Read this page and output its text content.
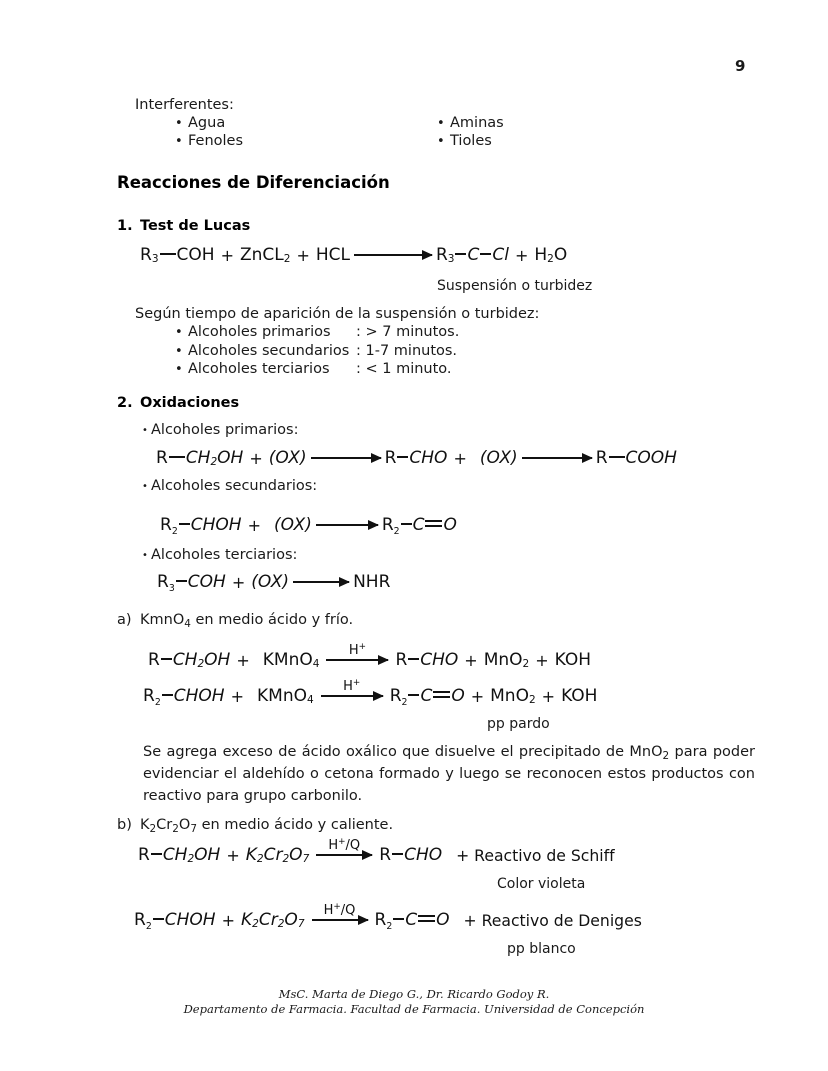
9
Interferentes:
•
Agua
•
Fenoles
•
Aminas
•
Tioles
Reacciones de Diferenciación
1. Test de Lucas
R 3 COH + ZnCL 2 + HCL	R 3 C Cl + H 2 O
Suspensión o turbidez
Según tiempo de aparición de la suspensión o turbidez:
•
Alcoholes primarios	: > 7 minutos.
•
Alcoholes secundarios : 1-7 minutos.
•
Alcoholes terciarios	: < 1 minuto.
2. Oxidaciones
•
Alcoholes primarios:
R CH 2 OH + (OX)	R CHO + (OX)	R COOH
•
Alcoholes secundarios:
R 2 CHOH + (OX)	R 2 C O
•
Alcoholes terciarios:
R 3 COH + (OX)	NHR
a) KmnO$_4$ en medio ácido y frío.
R CH 2 OH + KMnO 4
H+
R CHO + MnO 2 + KOH
R 2 CHOH + KMnO 4
H+
R 2 C O + MnO 2 + KOH
pp pardo
Se agrega exceso de ácido oxálico que disuelve el precipitado de MnO$_2$ para poder evidenciar el aldehído o cetona formado y luego se reconocen estos productos con reactivo para grupo carbonilo.
b) $K_2Cr_2O_7$ en medio ácido y caliente.
R CH 2 OH + K 2 Cr 2 O 7
H+/Q R CHO + Reactivo de Schiff
Color violeta
R 2 CHOH + K 2 Cr 2 O 7
H+/Q R 2 C O + Reactivo de Deniges
pp blanco
MsC. Marta de Diego G., Dr. Ricardo Godoy R.
Departamento de Farmacia. Facultad de Farmacia. Universidad de Concepción
